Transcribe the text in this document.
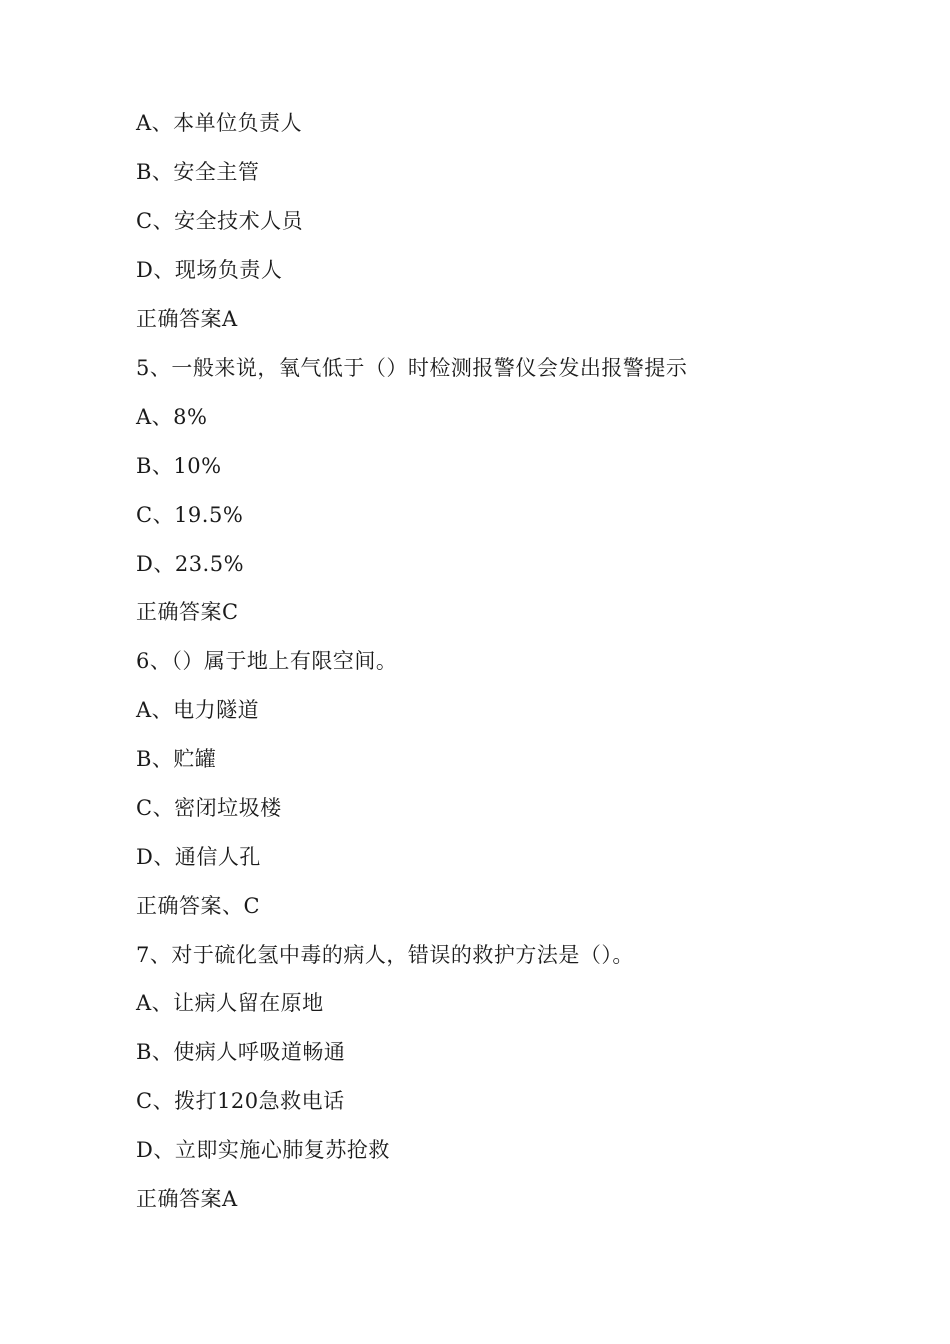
A、本单位负责人
B、安全主管
C、安全技术人员
D、现场负责人
正确答案A
5、一般来说，氧气低于（）时检测报警仪会发出报警提示
A、8%
B、10%
C、19.5%
D、23.5%
正确答案C
6、（）属于地上有限空间。
A、电力隧道
B、贮罐
C、密闭垃圾楼
D、通信人孔
正确答案、C
7、对于硫化氢中毒的病人，错误的救护方法是（）。
A、让病人留在原地
B、使病人呼吸道畅通
C、拨打120急救电话
D、立即实施心肺复苏抢救
正确答案A
